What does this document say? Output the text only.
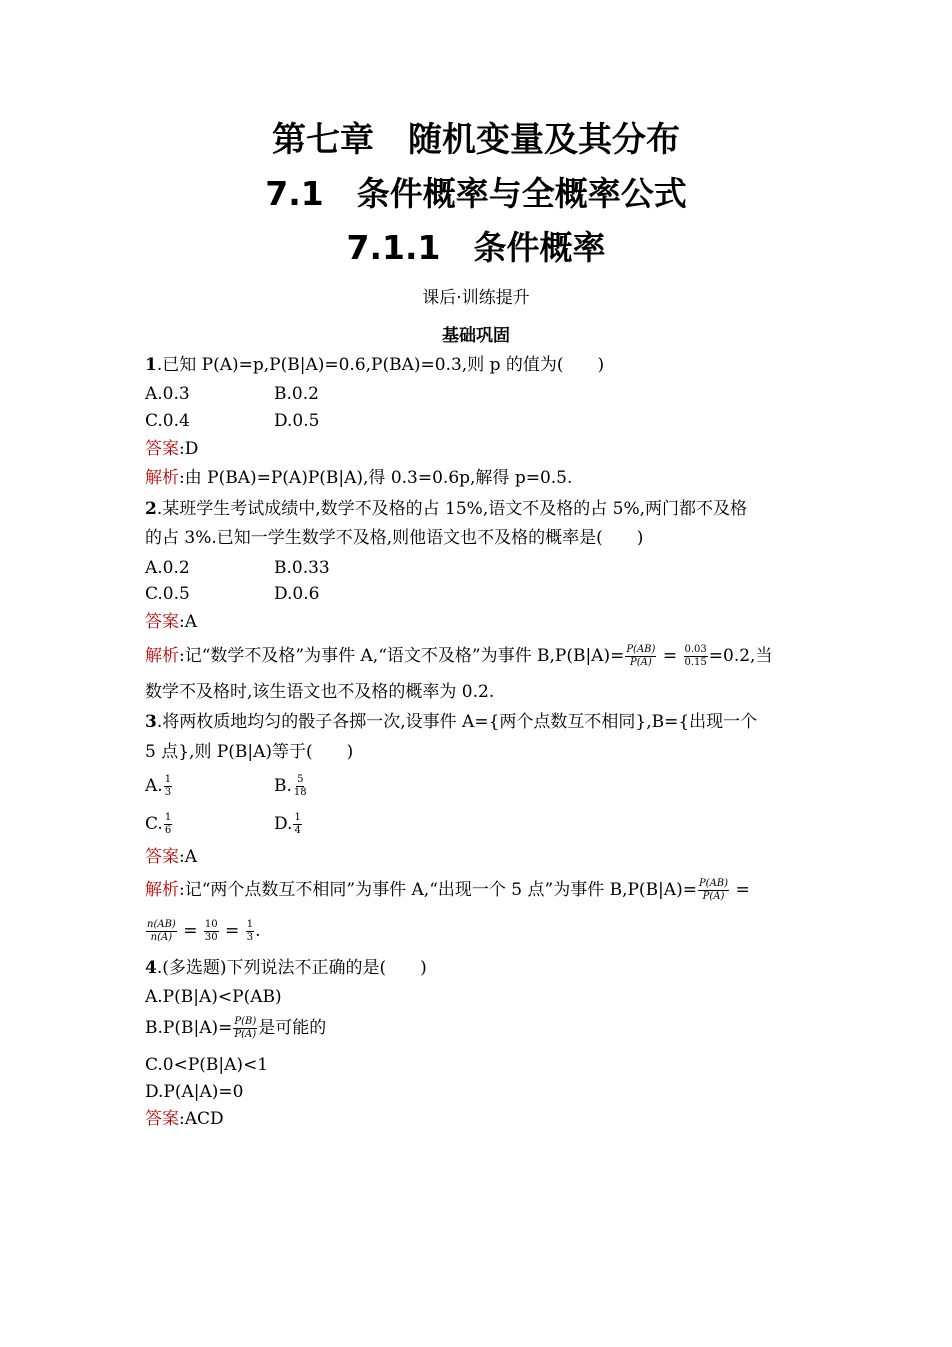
第七章　随机变量及其分布
7.1　条件概率与全概率公式
7.1.1　条件概率
课后·训练提升
基础巩固
1.已知 P(A)=p,P(B|A)=0.6,P(BA)=0.3,则 p 的值为(　　)
A.0.3	B.0.2
C.0.4	D.0.5
答案:D
解析:由 P(BA)=P(A)P(B|A),得 0.3=0.6p,解得 p=0.5.
2.某班学生考试成绩中,数学不及格的占 15%,语文不及格的占 5%,两门都不及格
的占 3%.已知一学生数学不及格,则他语文也不及格的概率是(　　)
A.0.2	B.0.33
C.0.5	D.0.6
答案:A
解析:记“数学不及格”为事件 A,“语文不及格”为事件 $B,P(B|A)= \frac{P(AB)}{P(A)} = \frac{0.03}{0.15} =0.2$,当
数学不及格时,该生语文也不及格的概率为 0.2.
3.将两枚质地均匀的骰子各掷一次,设事件 A={两个点数互不相同},B={出现一个
5 点},则 P(B|A)等于(　　)
A. $\frac{1}{3}$	B. $\frac{5}{18}$
C. $\frac{1}{6}$	D. $\frac{1}{4}$
答案:A
解析:记“两个点数互不相同”为事件 A,“出现一个 5 点”为事件 $B,P(B|A)= \frac{P(AB)}{P(A)}$ =
$\frac{n(AB)}{n(A)} = \frac{10}{30} = \frac{1}{3}$ .
4.(多选题)下列说法不正确的是(　　)
A.P(B|A)<P(AB)
$B.P(B|A)= \frac{P(B)}{P(A)}$ 是可能的
C.0<P(B|A)<1
D.P(A|A)=0
答案:ACD
